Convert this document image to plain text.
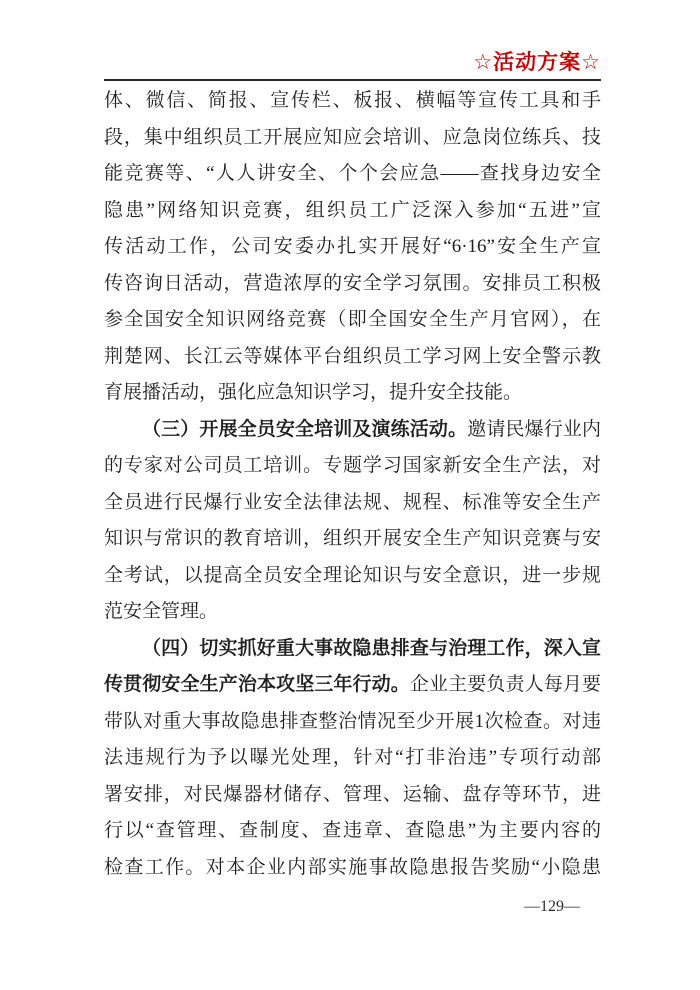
☆活动方案☆
体、微信、简报、宣传栏、板报、横幅等宣传工具和手
段，集中组织员工开展应知应会培训、应急岗位练兵、技
能竞赛等、“人人讲安全、个个会应急——查找身边安全
隐患”网络知识竞赛，组织员工广泛深入参加“五进”宣
传活动工作，公司安委办扎实开展好“6·16”安全生产宣
传咨询日活动，营造浓厚的安全学习氛围。安排员工积极
参全国安全知识网络竞赛（即全国安全生产月官网），在
荆楚网、长江云等媒体平台组织员工学习网上安全警示教
育展播活动，强化应急知识学习，提升安全技能。
（三）开展全员安全培训及演练活动。邀请民爆行业内
的专家对公司员工培训。专题学习国家新安全生产法，对
全员进行民爆行业安全法律法规、规程、标准等安全生产
知识与常识的教育培训，组织开展安全生产知识竞赛与安
全考试，以提高全员安全理论知识与安全意识，进一步规
范安全管理。
（四）切实抓好重大事故隐患排查与治理工作，深入宣
传贯彻安全生产治本攻坚三年行动。企业主要负责人每月要
带队对重大事故隐患排查整治情况至少开展1次检查。对违
法违规行为予以曝光处理，针对“打非治违”专项行动部
署安排，对民爆器材储存、管理、运输、盘存等环节，进
行以“查管理、查制度、查违章、查隐患”为主要内容的
检查工作。对本企业内部实施事故隐患报告奖励“小隐患
—129—
